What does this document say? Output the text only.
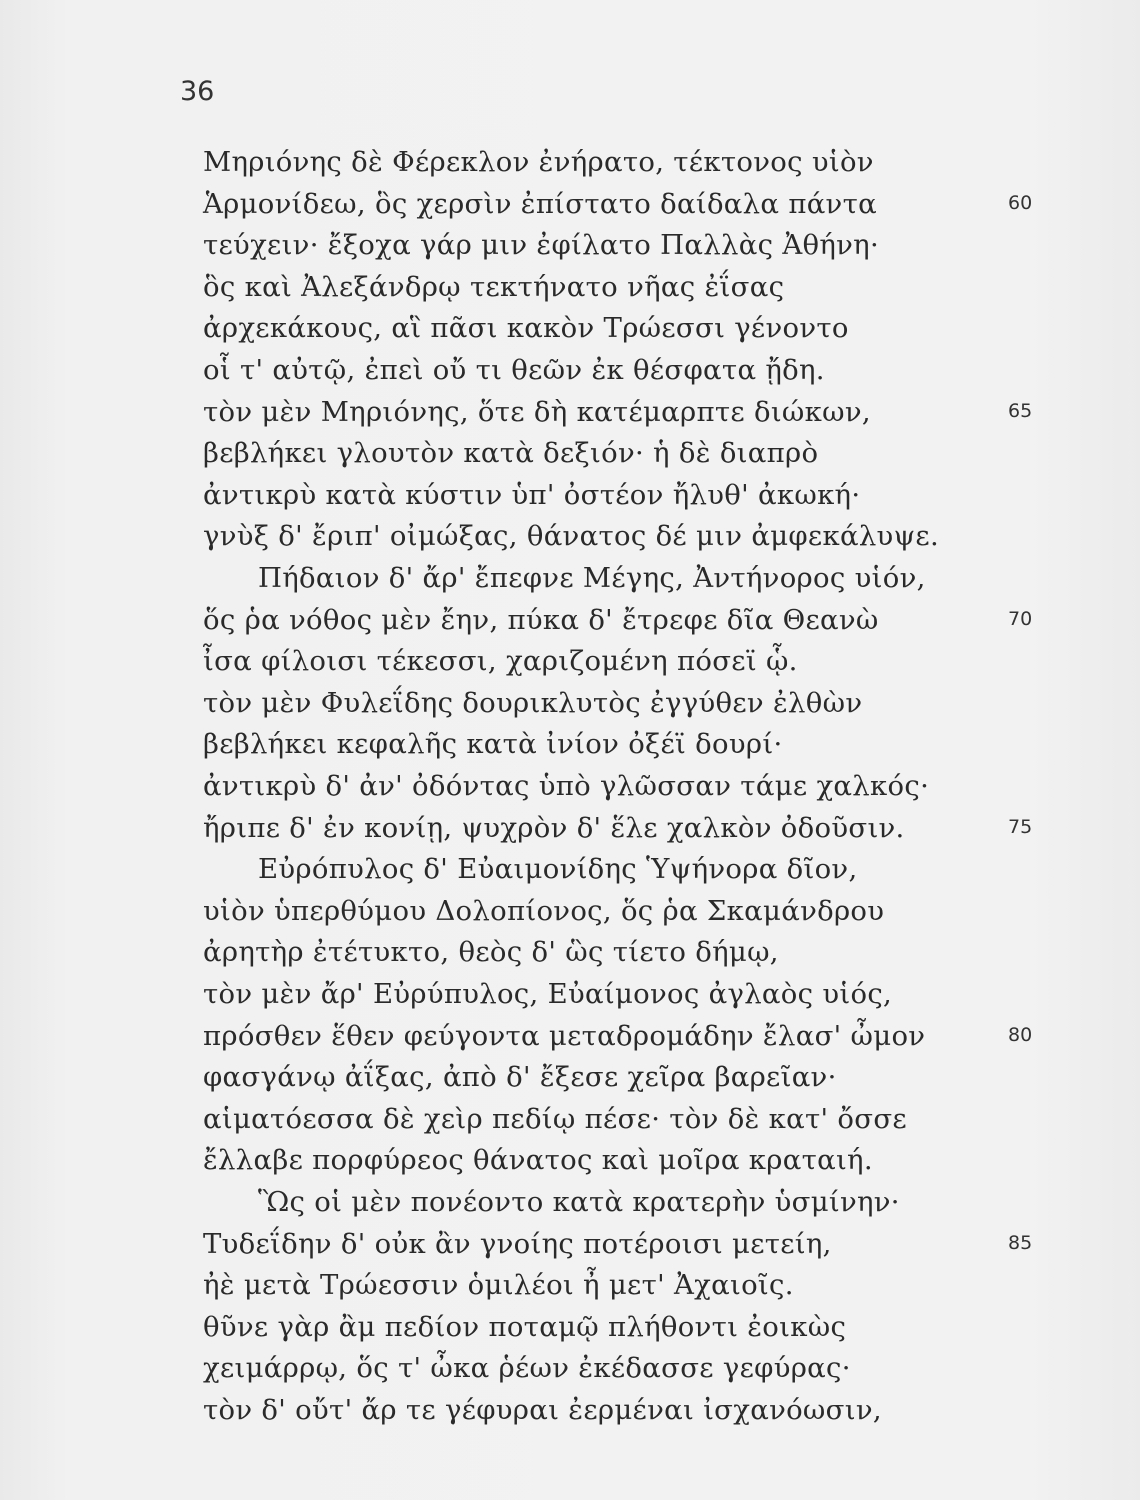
36
Μηριόνης δὲ Φέρεκλον ἐνήρατο, τέκτονος υἱὸν
Ἁρμονίδεω, ὃς χερσὶν ἐπίστατο δαίδαλα πάντα	60
τεύχειν· ἔξοχα γάρ μιν ἐφίλατο Παλλὰς Ἀθήνη·
ὃς καὶ Ἀλεξάνδρῳ τεκτήνατο νῆας ἐΐσας
ἀρχεκάκους, αἳ πᾶσι κακὸν Τρώεσσι γένοντο
οἷ τ' αὐτῷ, ἐπεὶ οὔ τι θεῶν ἐκ θέσφατα ᾔδη.
τὸν μὲν Μηριόνης, ὅτε δὴ κατέμαρπτε διώκων,	65
βεβλήκει γλουτὸν κατὰ δεξιόν· ἡ δὲ διαπρὸ
ἀντικρὺ κατὰ κύστιν ὑπ' ὀστέον ἤλυθ' ἀκωκή·
γνὺξ δ' ἔριπ' οἰμώξας, θάνατος δέ μιν ἀμφεκάλυψε.
Πήδαιον δ' ἄρ' ἔπεφνε Μέγης, Ἀντήνορος υἱόν,
ὅς ῥα νόθος μὲν ἔην, πύκα δ' ἔτρεφε δῖα Θεανὼ	70
ἶσα φίλοισι τέκεσσι, χαριζομένη πόσεϊ ᾧ.
τὸν μὲν Φυλεΐδης δουρικλυτὸς ἐγγύθεν ἐλθὼν
βεβλήκει κεφαλῆς κατὰ ἰνίον ὀξέϊ δουρί·
ἀντικρὺ δ' ἀν' ὀδόντας ὑπὸ γλῶσσαν τάμε χαλκός·
ἤριπε δ' ἐν κονίῃ, ψυχρὸν δ' ἕλε χαλκὸν ὀδοῦσιν.	75
Εὐρόπυλος δ' Εὐαιμονίδης Ὑψήνορα δῖον,
υἱὸν ὑπερθύμου Δολοπίονος, ὅς ῥα Σκαμάνδρου
ἀρητὴρ ἐτέτυκτο, θεὸς δ' ὣς τίετο δήμῳ,
τὸν μὲν ἄρ' Εὐρύπυλος, Εὐαίμονος ἀγλαὸς υἱός,
πρόσθεν ἕθεν φεύγοντα μεταδρομάδην ἔλασ' ὦμον	80
φασγάνῳ ἀΐξας, ἀπὸ δ' ἔξεσε χεῖρα βαρεῖαν·
αἱματόεσσα δὲ χεὶρ πεδίῳ πέσε· τὸν δὲ κατ' ὄσσε
ἔλλαβε πορφύρεος θάνατος καὶ μοῖρα κραταιή.
Ὣς οἱ μὲν πονέοντο κατὰ κρατερὴν ὑσμίνην·
Τυδεΐδην δ' οὐκ ἂν γνοίης ποτέροισι μετείη,	85
ἠὲ μετὰ Τρώεσσιν ὁμιλέοι ἦ μετ' Ἀχαιοῖς.
θῦνε γὰρ ἂμ πεδίον ποταμῷ πλήθοντι ἐοικὼς
χειμάρρῳ, ὅς τ' ὦκα ῥέων ἐκέδασσε γεφύρας·
τὸν δ' οὔτ' ἄρ τε γέφυραι ἐερμέναι ἰσχανόωσιν,
